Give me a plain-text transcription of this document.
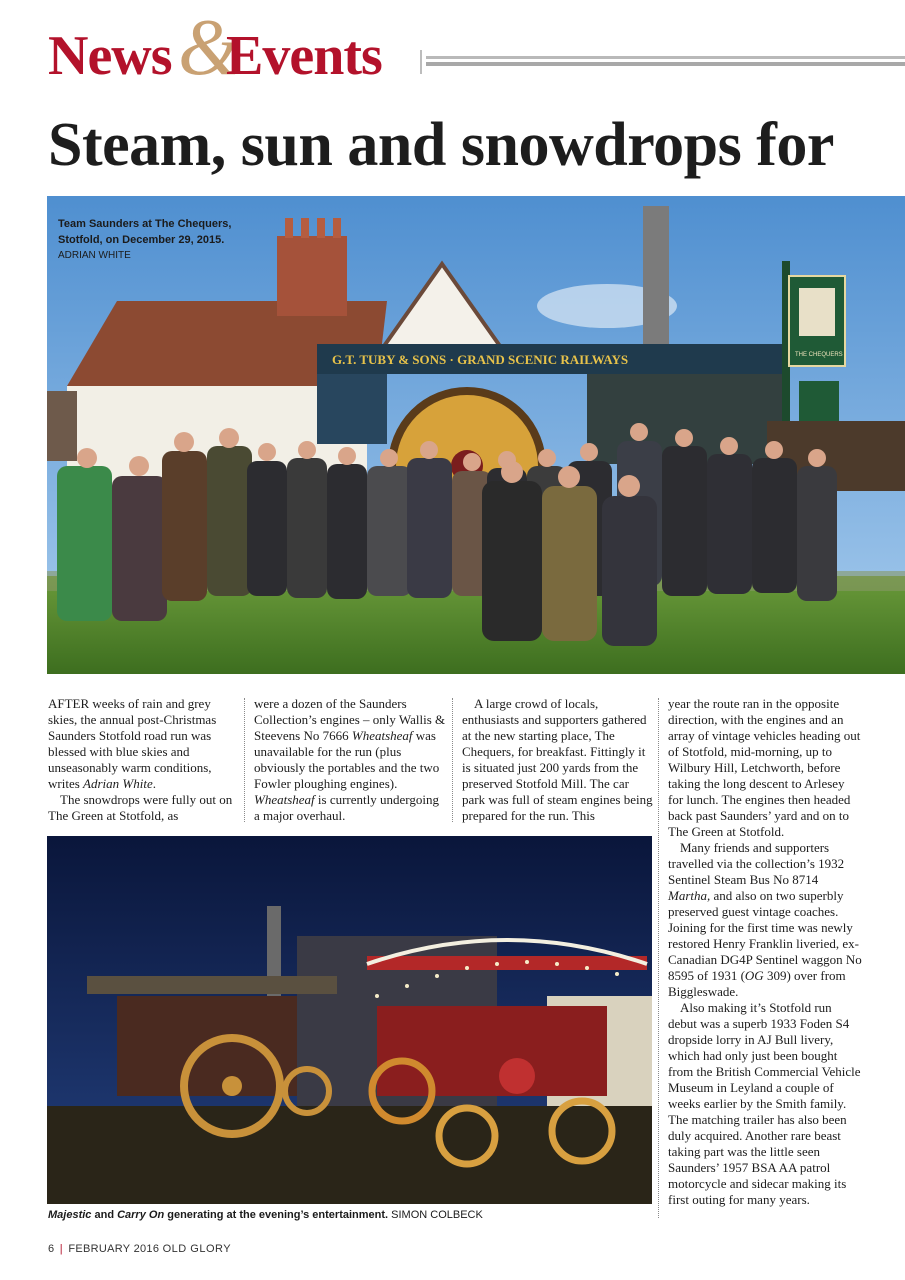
&
News Events
Steam, sun and snowdrops for
G.T. TUBY & SONS · GRAND SCENIC RAILWAYS	THE CHEQUERS
Team Saunders at The Chequers,
Stotfold, on December 29, 2015.
ADRIAN WHITE

AFTER weeks of rain and grey skies, the annual post-Christmas Saunders Stotfold road run was blessed with blue skies and unseasonably warm conditions, writes Adrian White.

The snowdrops were fully out on The Green at Stotfold, as

were a dozen of the Saunders Collection’s engines – only Wallis & Steevens No 7666 Wheatsheaf was unavailable for the run (plus obviously the portables and the two Fowler ploughing engines). Wheatsheaf is currently undergoing a major overhaul.

A large crowd of locals, enthusiasts and supporters gathered at the new starting place, The Chequers, for breakfast. Fittingly it is situated just 200 yards from the preserved Stotfold Mill. The car park was full of steam engines being prepared for the run. This

year the route ran in the opposite direction, with the engines and an array of vintage vehicles heading out of Stotfold, mid-morning, up to Wilbury Hill, Letchworth, before taking the long descent to Arlesey for lunch. The engines then headed back past Saunders’ yard and on to The Green at Stotfold.

Many friends and supporters travelled via the collection’s 1932 Sentinel Steam Bus No 8714 Martha, and also on two superbly preserved guest vintage coaches. Joining for the first time was newly restored Henry Franklin liveried, ex-Canadian DG4P Sentinel waggon No 8595 of 1931 (OG 309) over from Biggleswade.

Also making it’s Stotfold run debut was a superb 1933 Foden S4 dropside lorry in AJ Bull livery, which had only just been bought from the British Commercial Vehicle Museum in Leyland a couple of weeks earlier by the Smith family. The matching trailer has also been duly acquired. Another rare beast taking part was the little seen Saunders’ 1957 BSA AA patrol motorcycle and sidecar making its first outing for many years.

Majestic and Carry On generating at the evening’s entertainment. SIMON COLBECK
6 | FEBRUARY 2016 OLD GLORY
